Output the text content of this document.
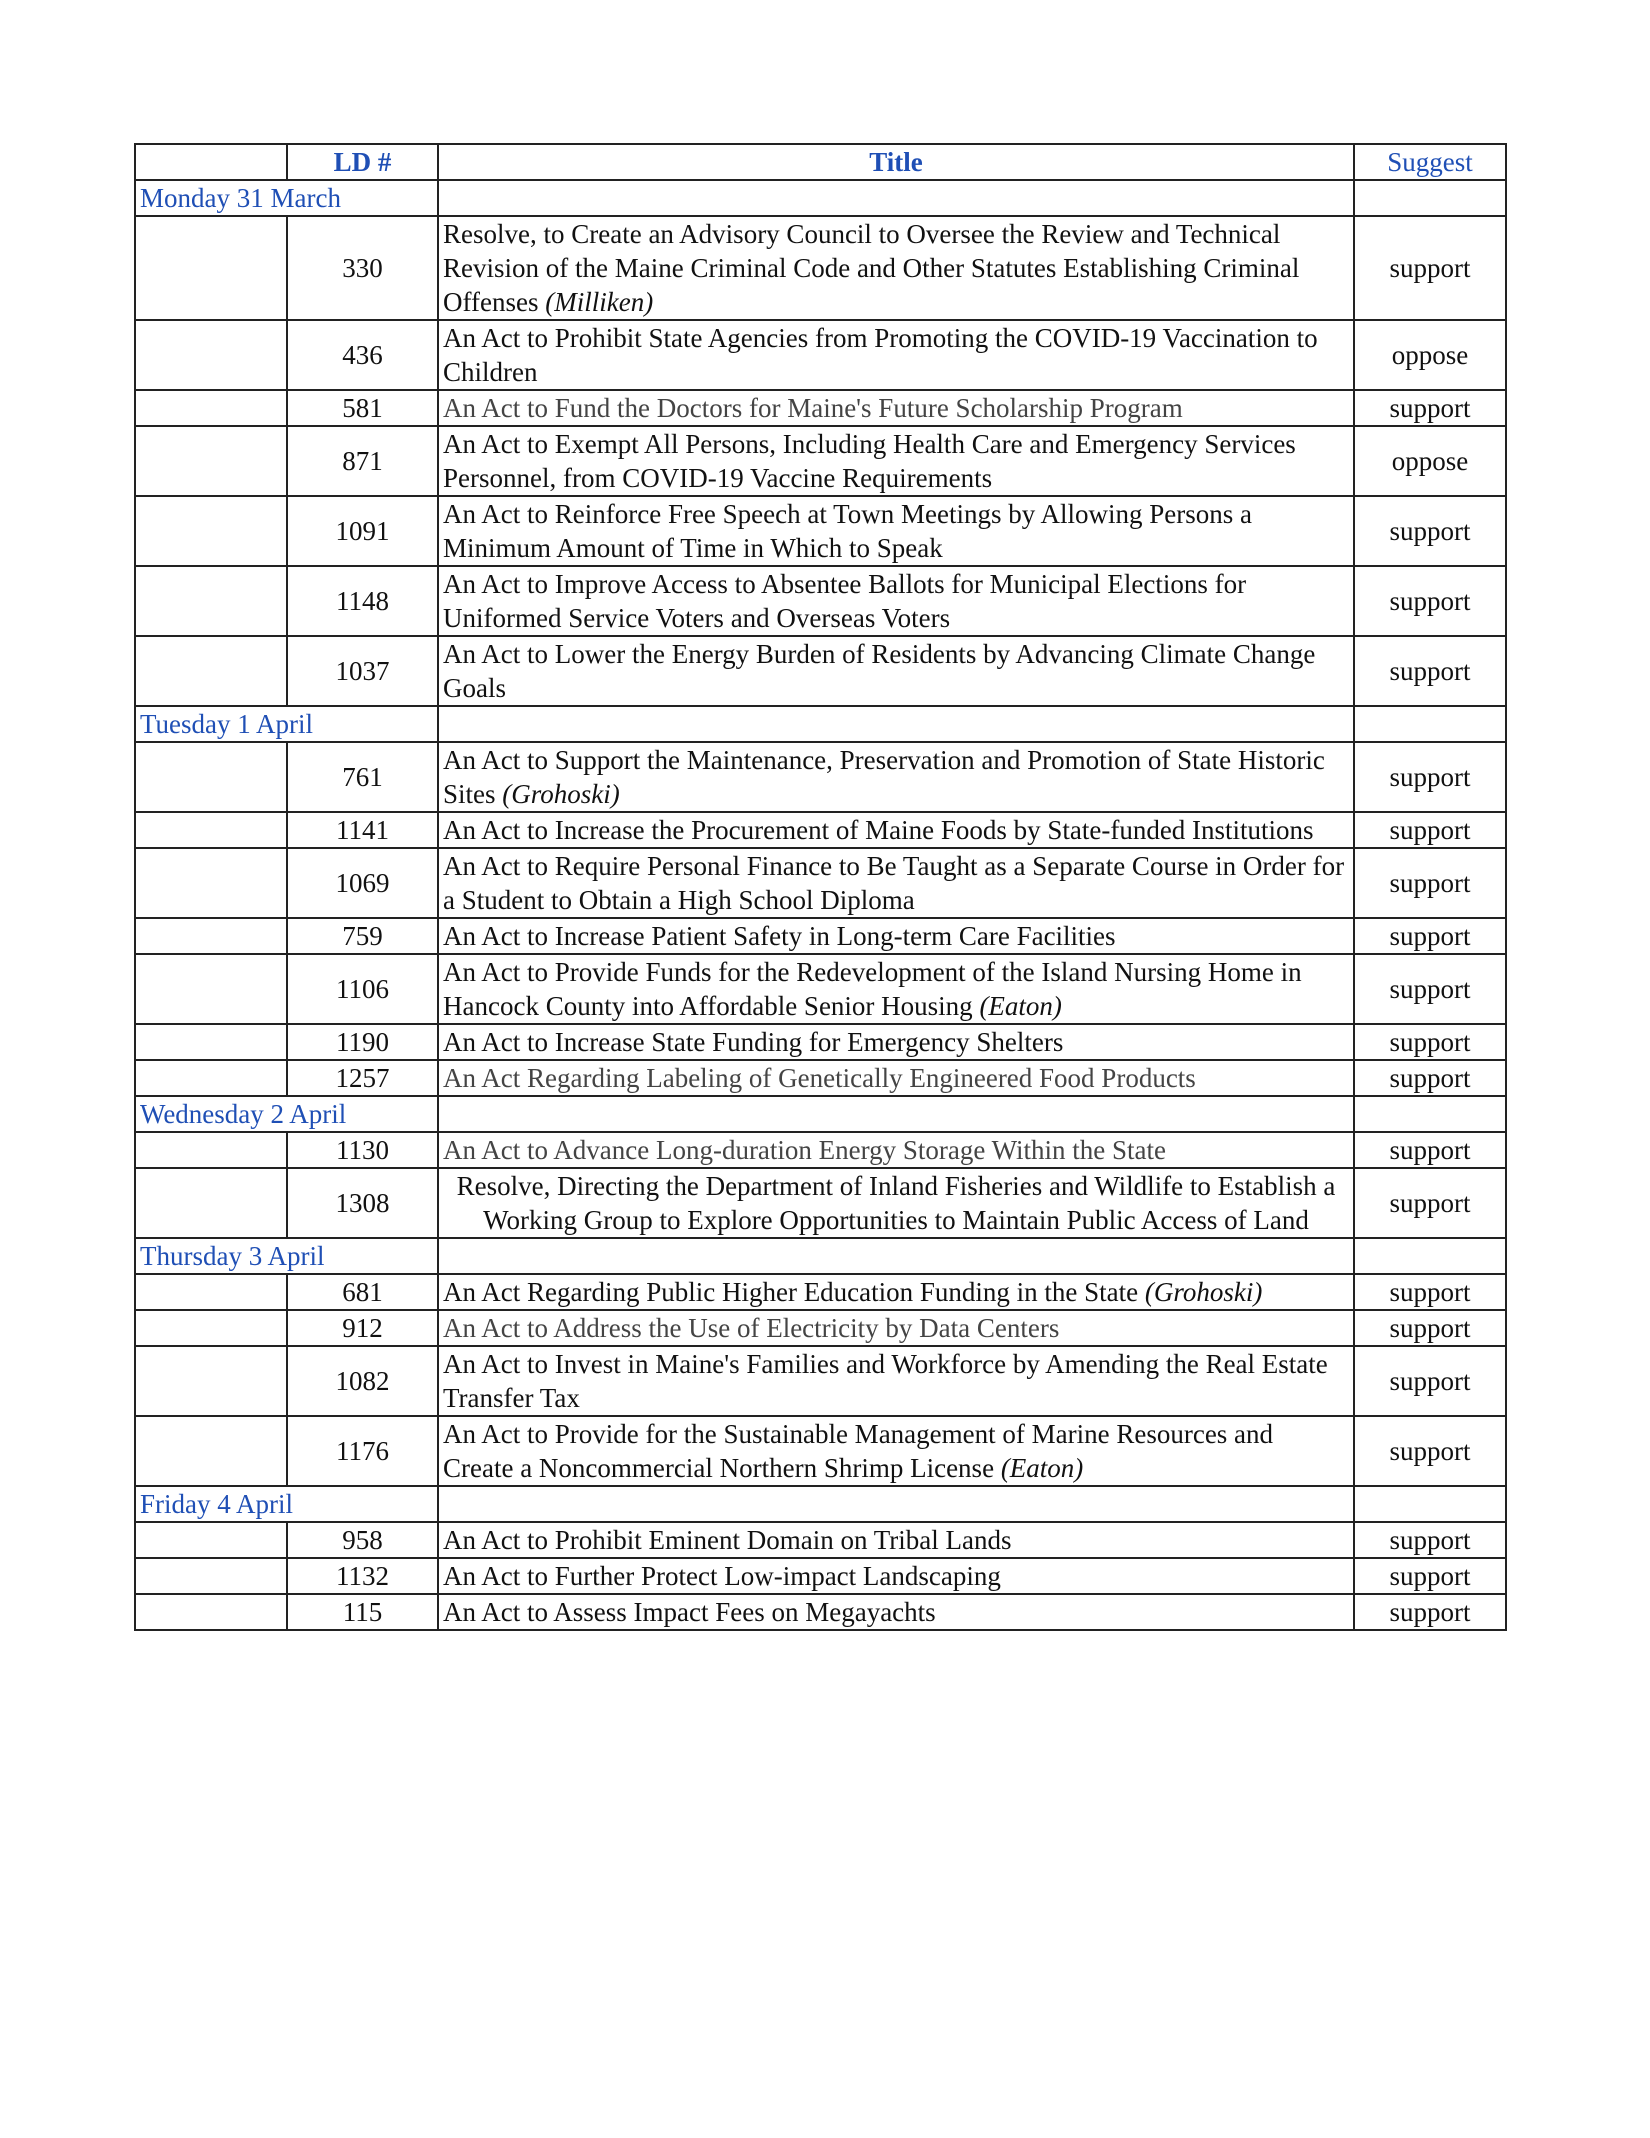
	LD #	Title	Suggest
Monday 31 March			
	330	Resolve, to Create an Advisory Council to Oversee the Review and Technical Revision of the Maine Criminal Code and Other Statutes Establishing Criminal Offenses (Milliken)	support
	436	An Act to Prohibit State Agencies from Promoting the COVID-19 Vaccination to Children	oppose
	581	An Act to Fund the Doctors for Maine's Future Scholarship Program	support
	871	An Act to Exempt All Persons, Including Health Care and Emergency Services Personnel, from COVID-19 Vaccine Requirements	oppose
	1091	An Act to Reinforce Free Speech at Town Meetings by Allowing Persons a Minimum Amount of Time in Which to Speak	support
	1148	An Act to Improve Access to Absentee Ballots for Municipal Elections for Uniformed Service Voters and Overseas Voters	support
	1037	An Act to Lower the Energy Burden of Residents by Advancing Climate Change Goals	support
Tuesday 1 April			
	761	An Act to Support the Maintenance, Preservation and Promotion of State Historic Sites (Grohoski)	support
	1141	An Act to Increase the Procurement of Maine Foods by State-funded Institutions	support
	1069	An Act to Require Personal Finance to Be Taught as a Separate Course in Order for a Student to Obtain a High School Diploma	support
	759	An Act to Increase Patient Safety in Long-term Care Facilities	support
	1106	An Act to Provide Funds for the Redevelopment of the Island Nursing Home in Hancock County into Affordable Senior Housing (Eaton)	support
	1190	An Act to Increase State Funding for Emergency Shelters	support
	1257	An Act Regarding Labeling of Genetically Engineered Food Products	support
Wednesday 2 April			
	1130	An Act to Advance Long-duration Energy Storage Within the State	support
	1308	Resolve, Directing the Department of Inland Fisheries and Wildlife to Establish a Working Group to Explore Opportunities to Maintain Public Access of Land	support
Thursday 3 April			
	681	An Act Regarding Public Higher Education Funding in the State (Grohoski)	support
	912	An Act to Address the Use of Electricity by Data Centers	support
	1082	An Act to Invest in Maine's Families and Workforce by Amending the Real Estate Transfer Tax	support
	1176	An Act to Provide for the Sustainable Management of Marine Resources and Create a Noncommercial Northern Shrimp License (Eaton)	support
Friday 4 April			
	958	An Act to Prohibit Eminent Domain on Tribal Lands	support
	1132	An Act to Further Protect Low-impact Landscaping	support
	115	An Act to Assess Impact Fees on Megayachts	support
